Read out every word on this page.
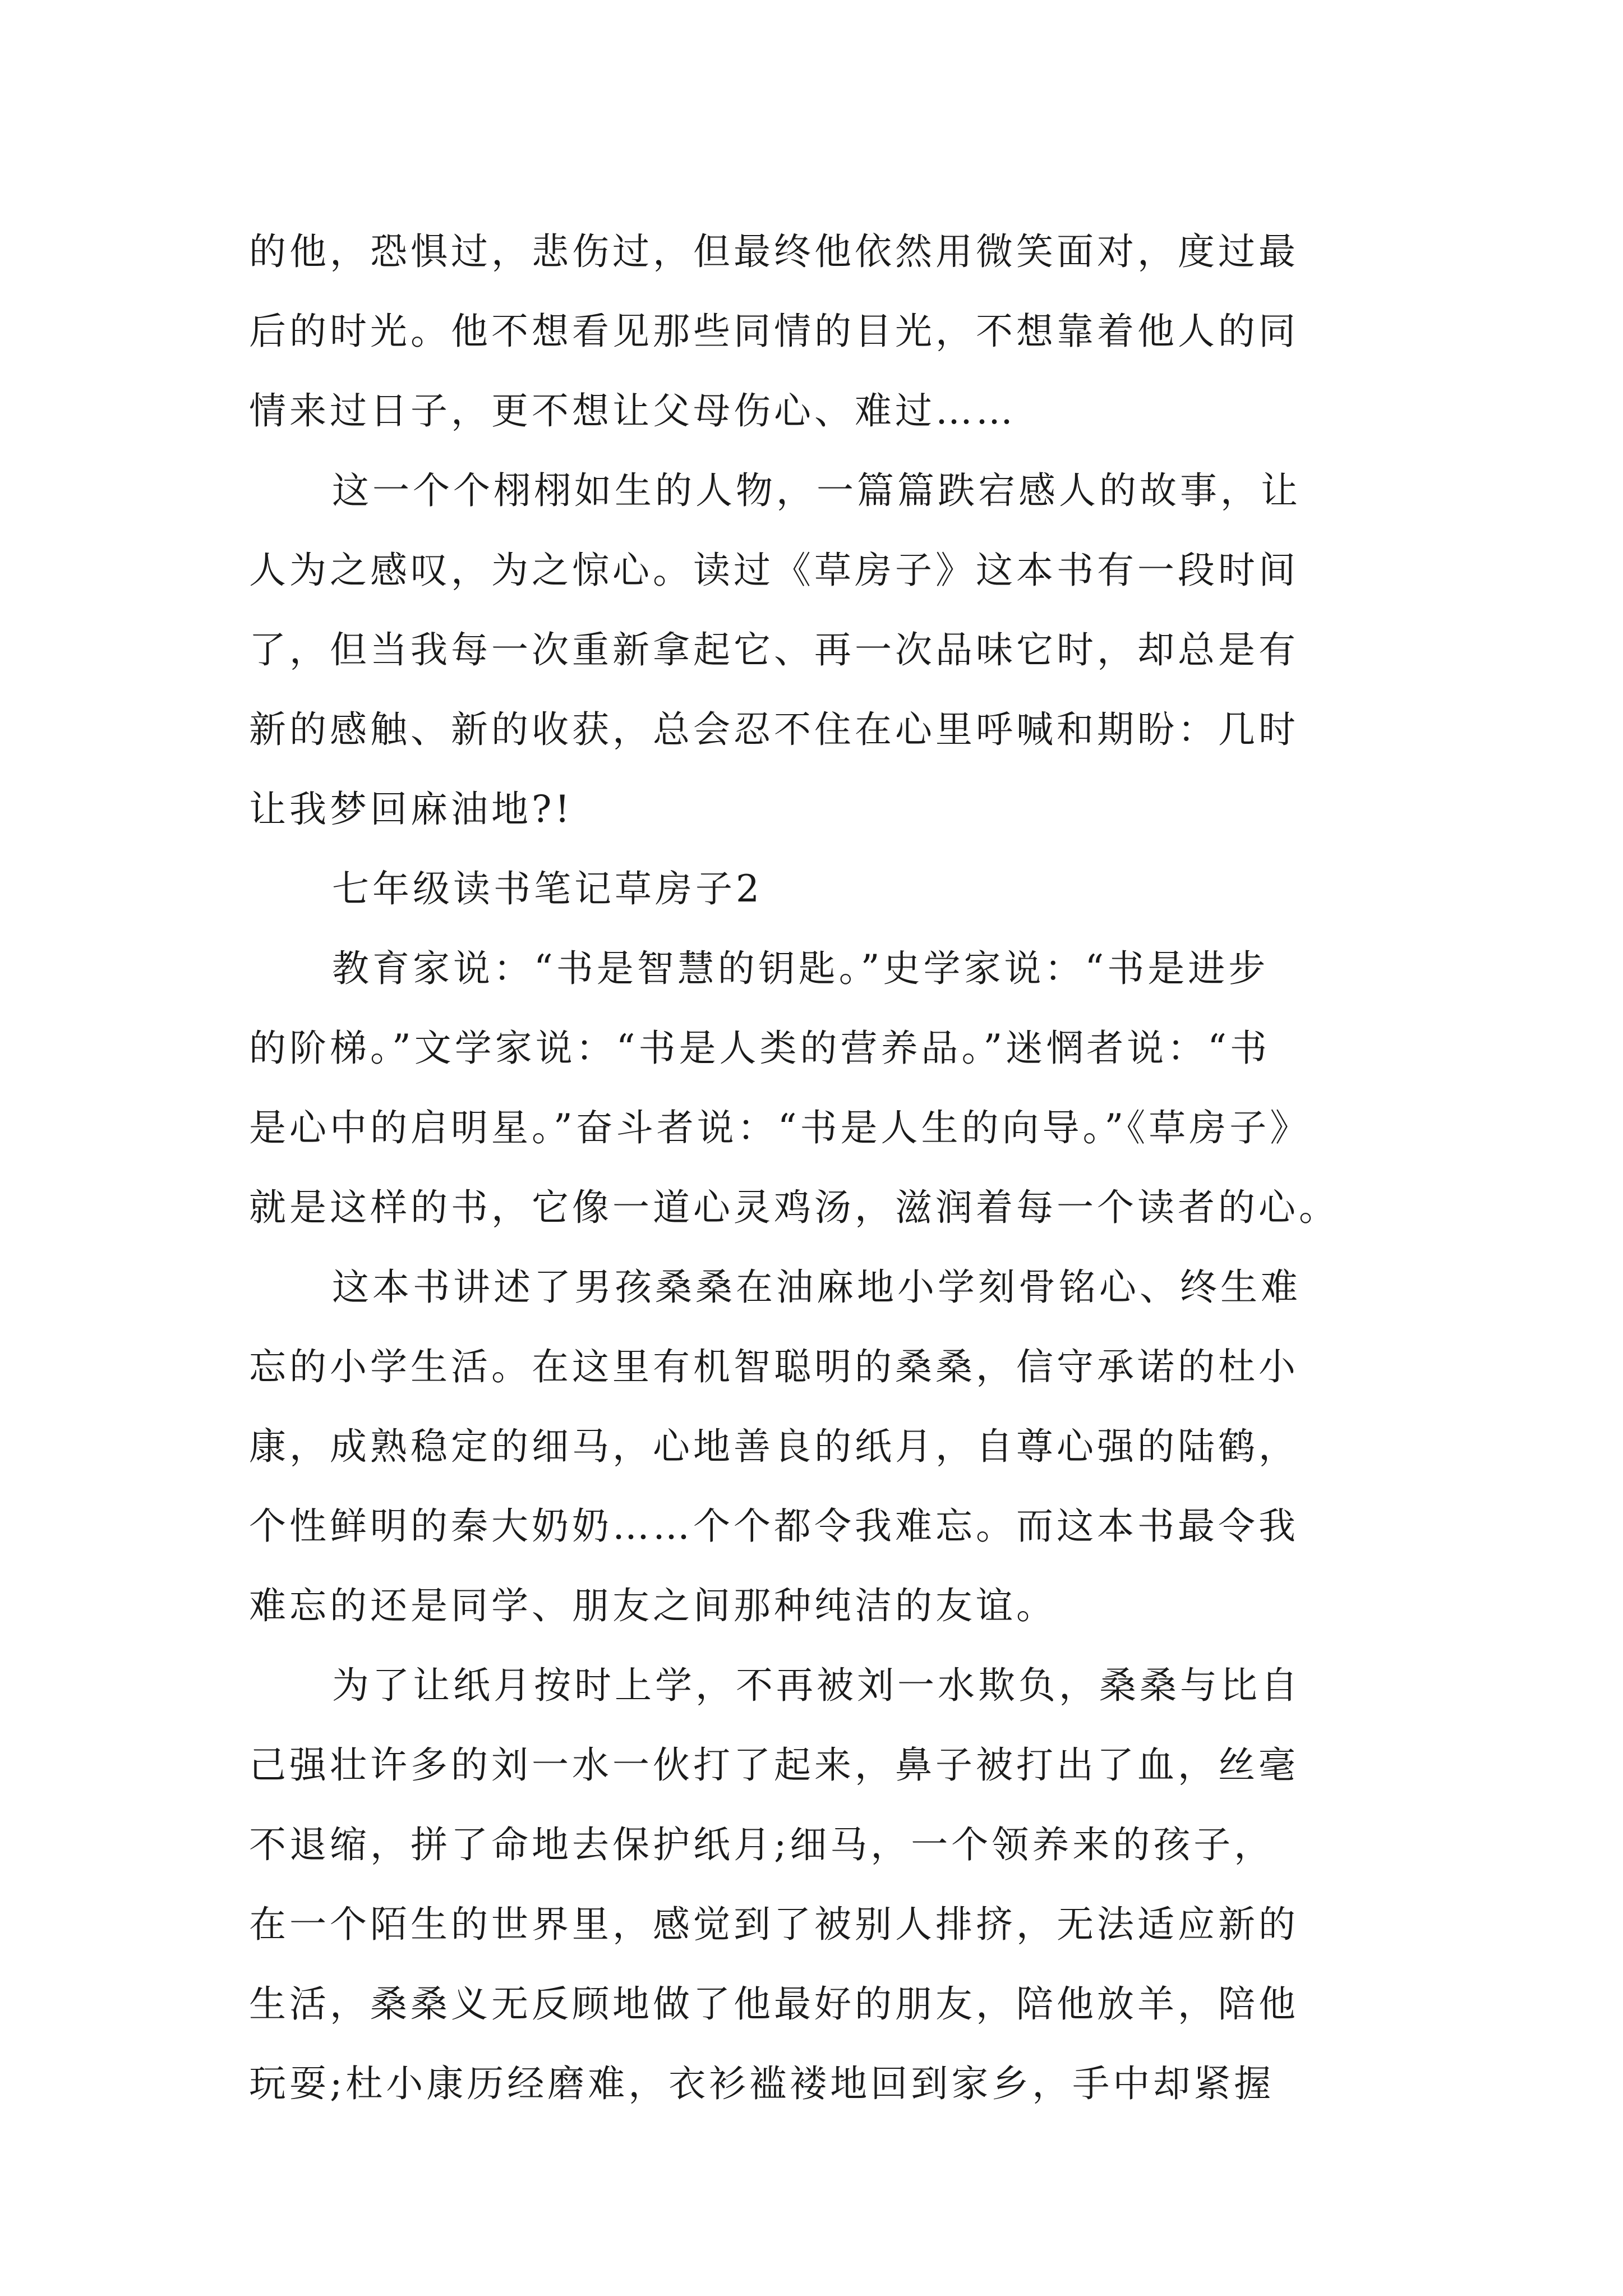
的他，恐惧过，悲伤过，但最终他依然用微笑面对，度过最
后的时光。他不想看见那些同情的目光，不想靠着他人的同
情来过日子，更不想让父母伤心、难过……
这一个个栩栩如生的人物，一篇篇跌宕感人的故事，让
人为之感叹，为之惊心。读过《草房子》这本书有一段时间
了，但当我每一次重新拿起它、再一次品味它时，却总是有
新的感触、新的收获，总会忍不住在心里呼喊和期盼：几时
让我梦回麻油地?!
七年级读书笔记草房子2
教育家说：“书是智慧的钥匙。”史学家说：“书是进步
的阶梯。”文学家说：“书是人类的营养品。”迷惘者说：“书
是心中的启明星。”奋斗者说：“书是人生的向导。”《草房子》
就是这样的书，它像一道心灵鸡汤，滋润着每一个读者的心。
这本书讲述了男孩桑桑在油麻地小学刻骨铭心、终生难
忘的小学生活。在这里有机智聪明的桑桑，信守承诺的杜小
康，成熟稳定的细马，心地善良的纸月，自尊心强的陆鹤，
个性鲜明的秦大奶奶……个个都令我难忘。而这本书最令我
难忘的还是同学、朋友之间那种纯洁的友谊。
为了让纸月按时上学，不再被刘一水欺负，桑桑与比自
己强壮许多的刘一水一伙打了起来，鼻子被打出了血，丝毫
不退缩，拼了命地去保护纸月;细马，一个领养来的孩子，
在一个陌生的世界里，感觉到了被别人排挤，无法适应新的
生活，桑桑义无反顾地做了他最好的朋友，陪他放羊，陪他
玩耍;杜小康历经磨难，衣衫褴褛地回到家乡，手中却紧握
